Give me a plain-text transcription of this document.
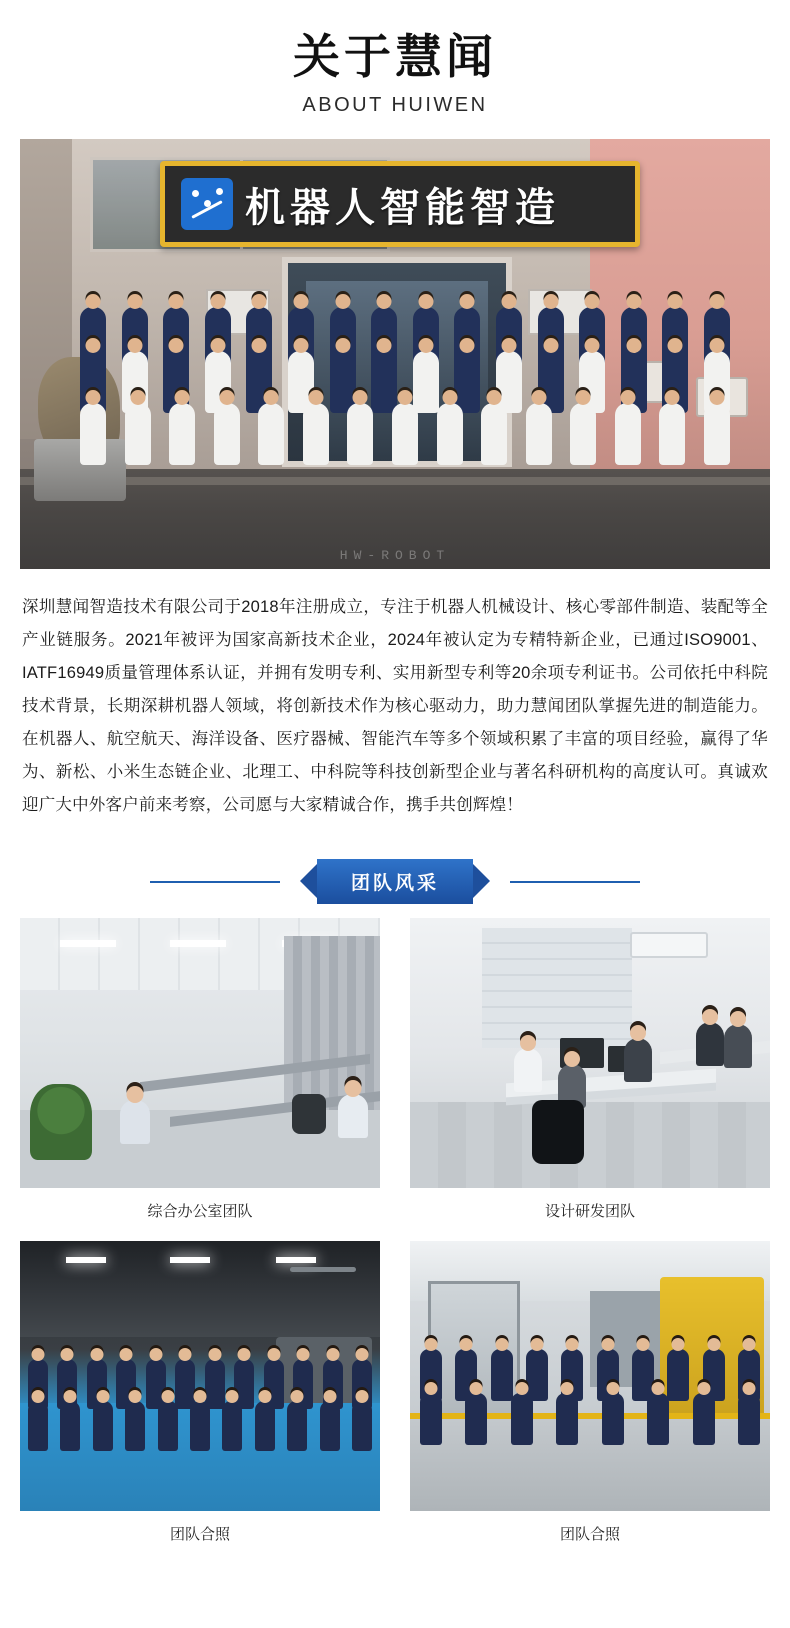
关于慧闻
ABOUT HUIWEN
机器人智能智造
HW-ROBOT
深圳慧闻智造技术有限公司于2018年注册成立，专注于机器人机械设计、核心零部件制造、装配等全产业链服务。2021年被评为国家高新技术企业，2024年被认定为专精特新企业，已通过ISO9001、IATF16949质量管理体系认证，并拥有发明专利、实用新型专利等20余项专利证书。公司依托中科院技术背景，长期深耕机器人领域，将创新技术作为核心驱动力，助力慧闻团队掌握先进的制造能力。在机器人、航空航天、海洋设备、医疗器械、智能汽车等多个领域积累了丰富的项目经验，赢得了华为、新松、小米生态链企业、北理工、中科院等科技创新型企业与著名科研机构的高度认可。真诚欢迎广大中外客户前来考察，公司愿与大家精诚合作，携手共创辉煌！
团队风采
综合办公室团队	设计研发团队
团队合照	团队合照
